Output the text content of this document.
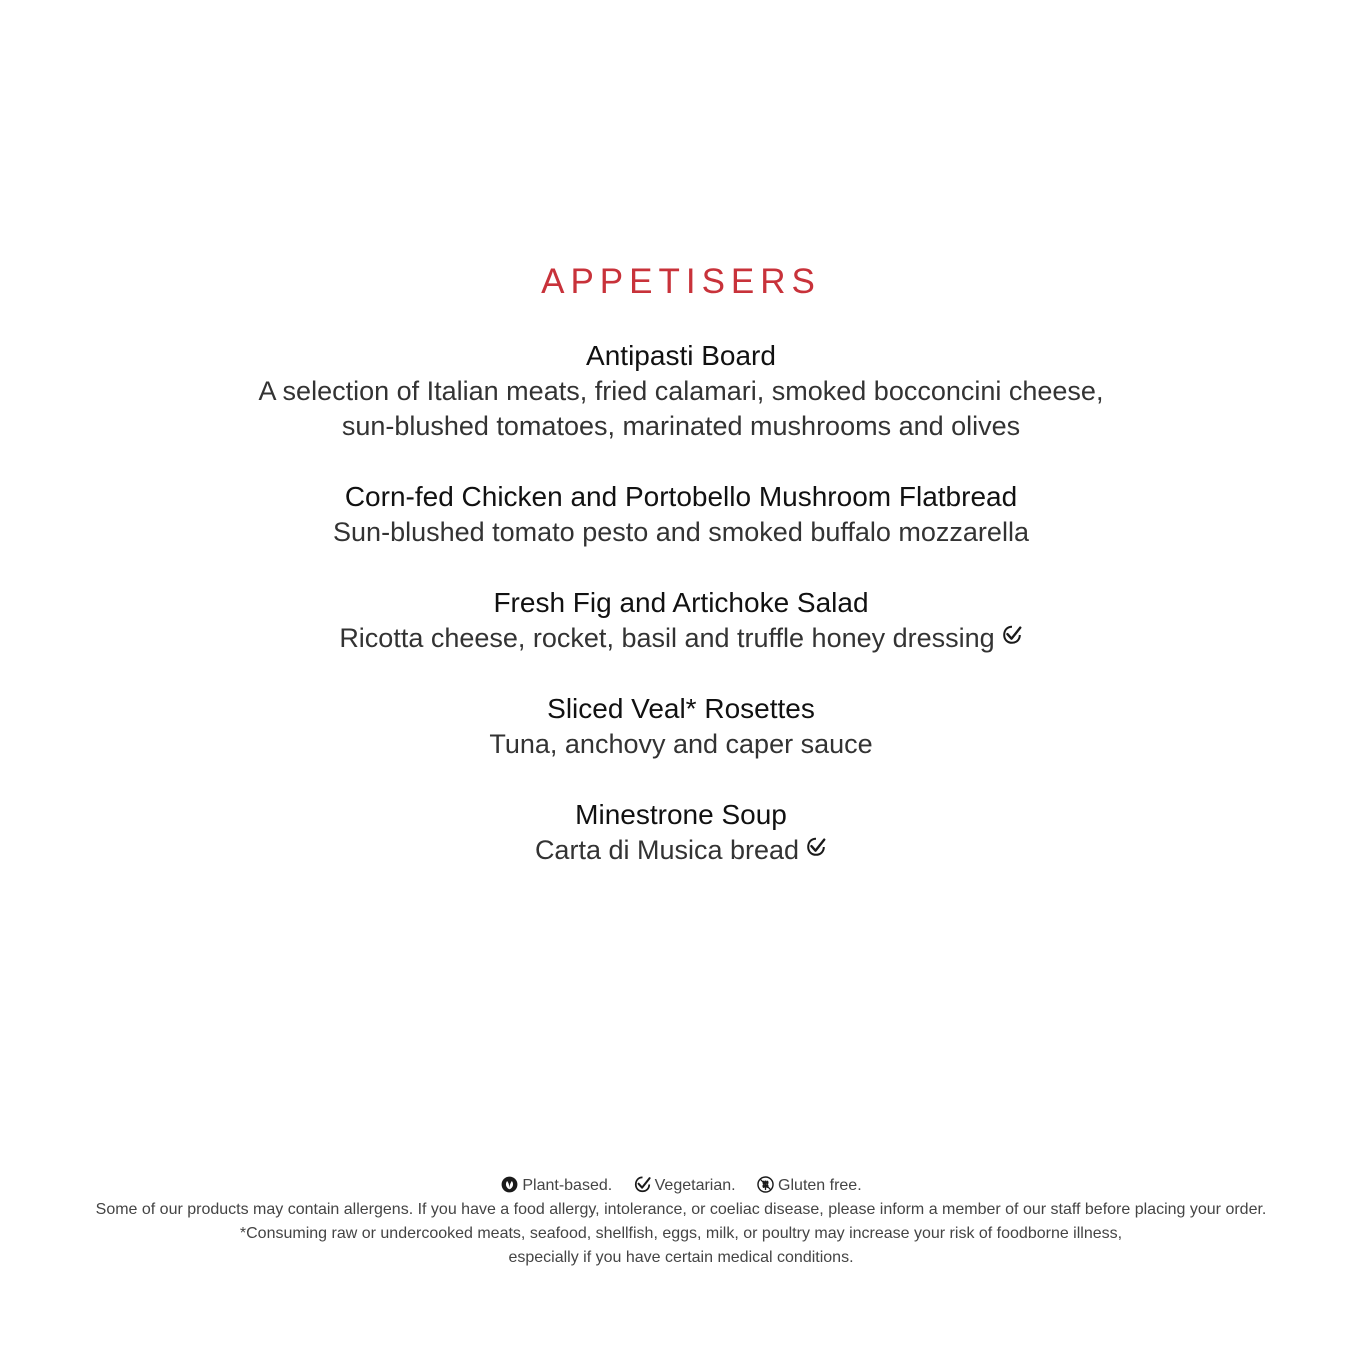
APPETISERS
Antipasti Board
A selection of Italian meats, fried calamari, smoked bocconcini cheese,
sun-blushed tomatoes, marinated mushrooms and olives
Corn-fed Chicken and Portobello Mushroom Flatbread
Sun-blushed tomato pesto and smoked buffalo mozzarella
Fresh Fig and Artichoke Salad
Ricotta cheese, rocket, basil and truffle honey dressing
Sliced Veal* Rosettes
Tuna, anchovy and caper sauce
Minestrone Soup
Carta di Musica bread
Plant-based.	Vegetarian.	Gluten free.
Some of our products may contain allergens. If you have a food allergy, intolerance, or coeliac disease, please inform a member of our staff before placing your order.
*Consuming raw or undercooked meats, seafood, shellfish, eggs, milk, or poultry may increase your risk of foodborne illness,
especially if you have certain medical conditions.
